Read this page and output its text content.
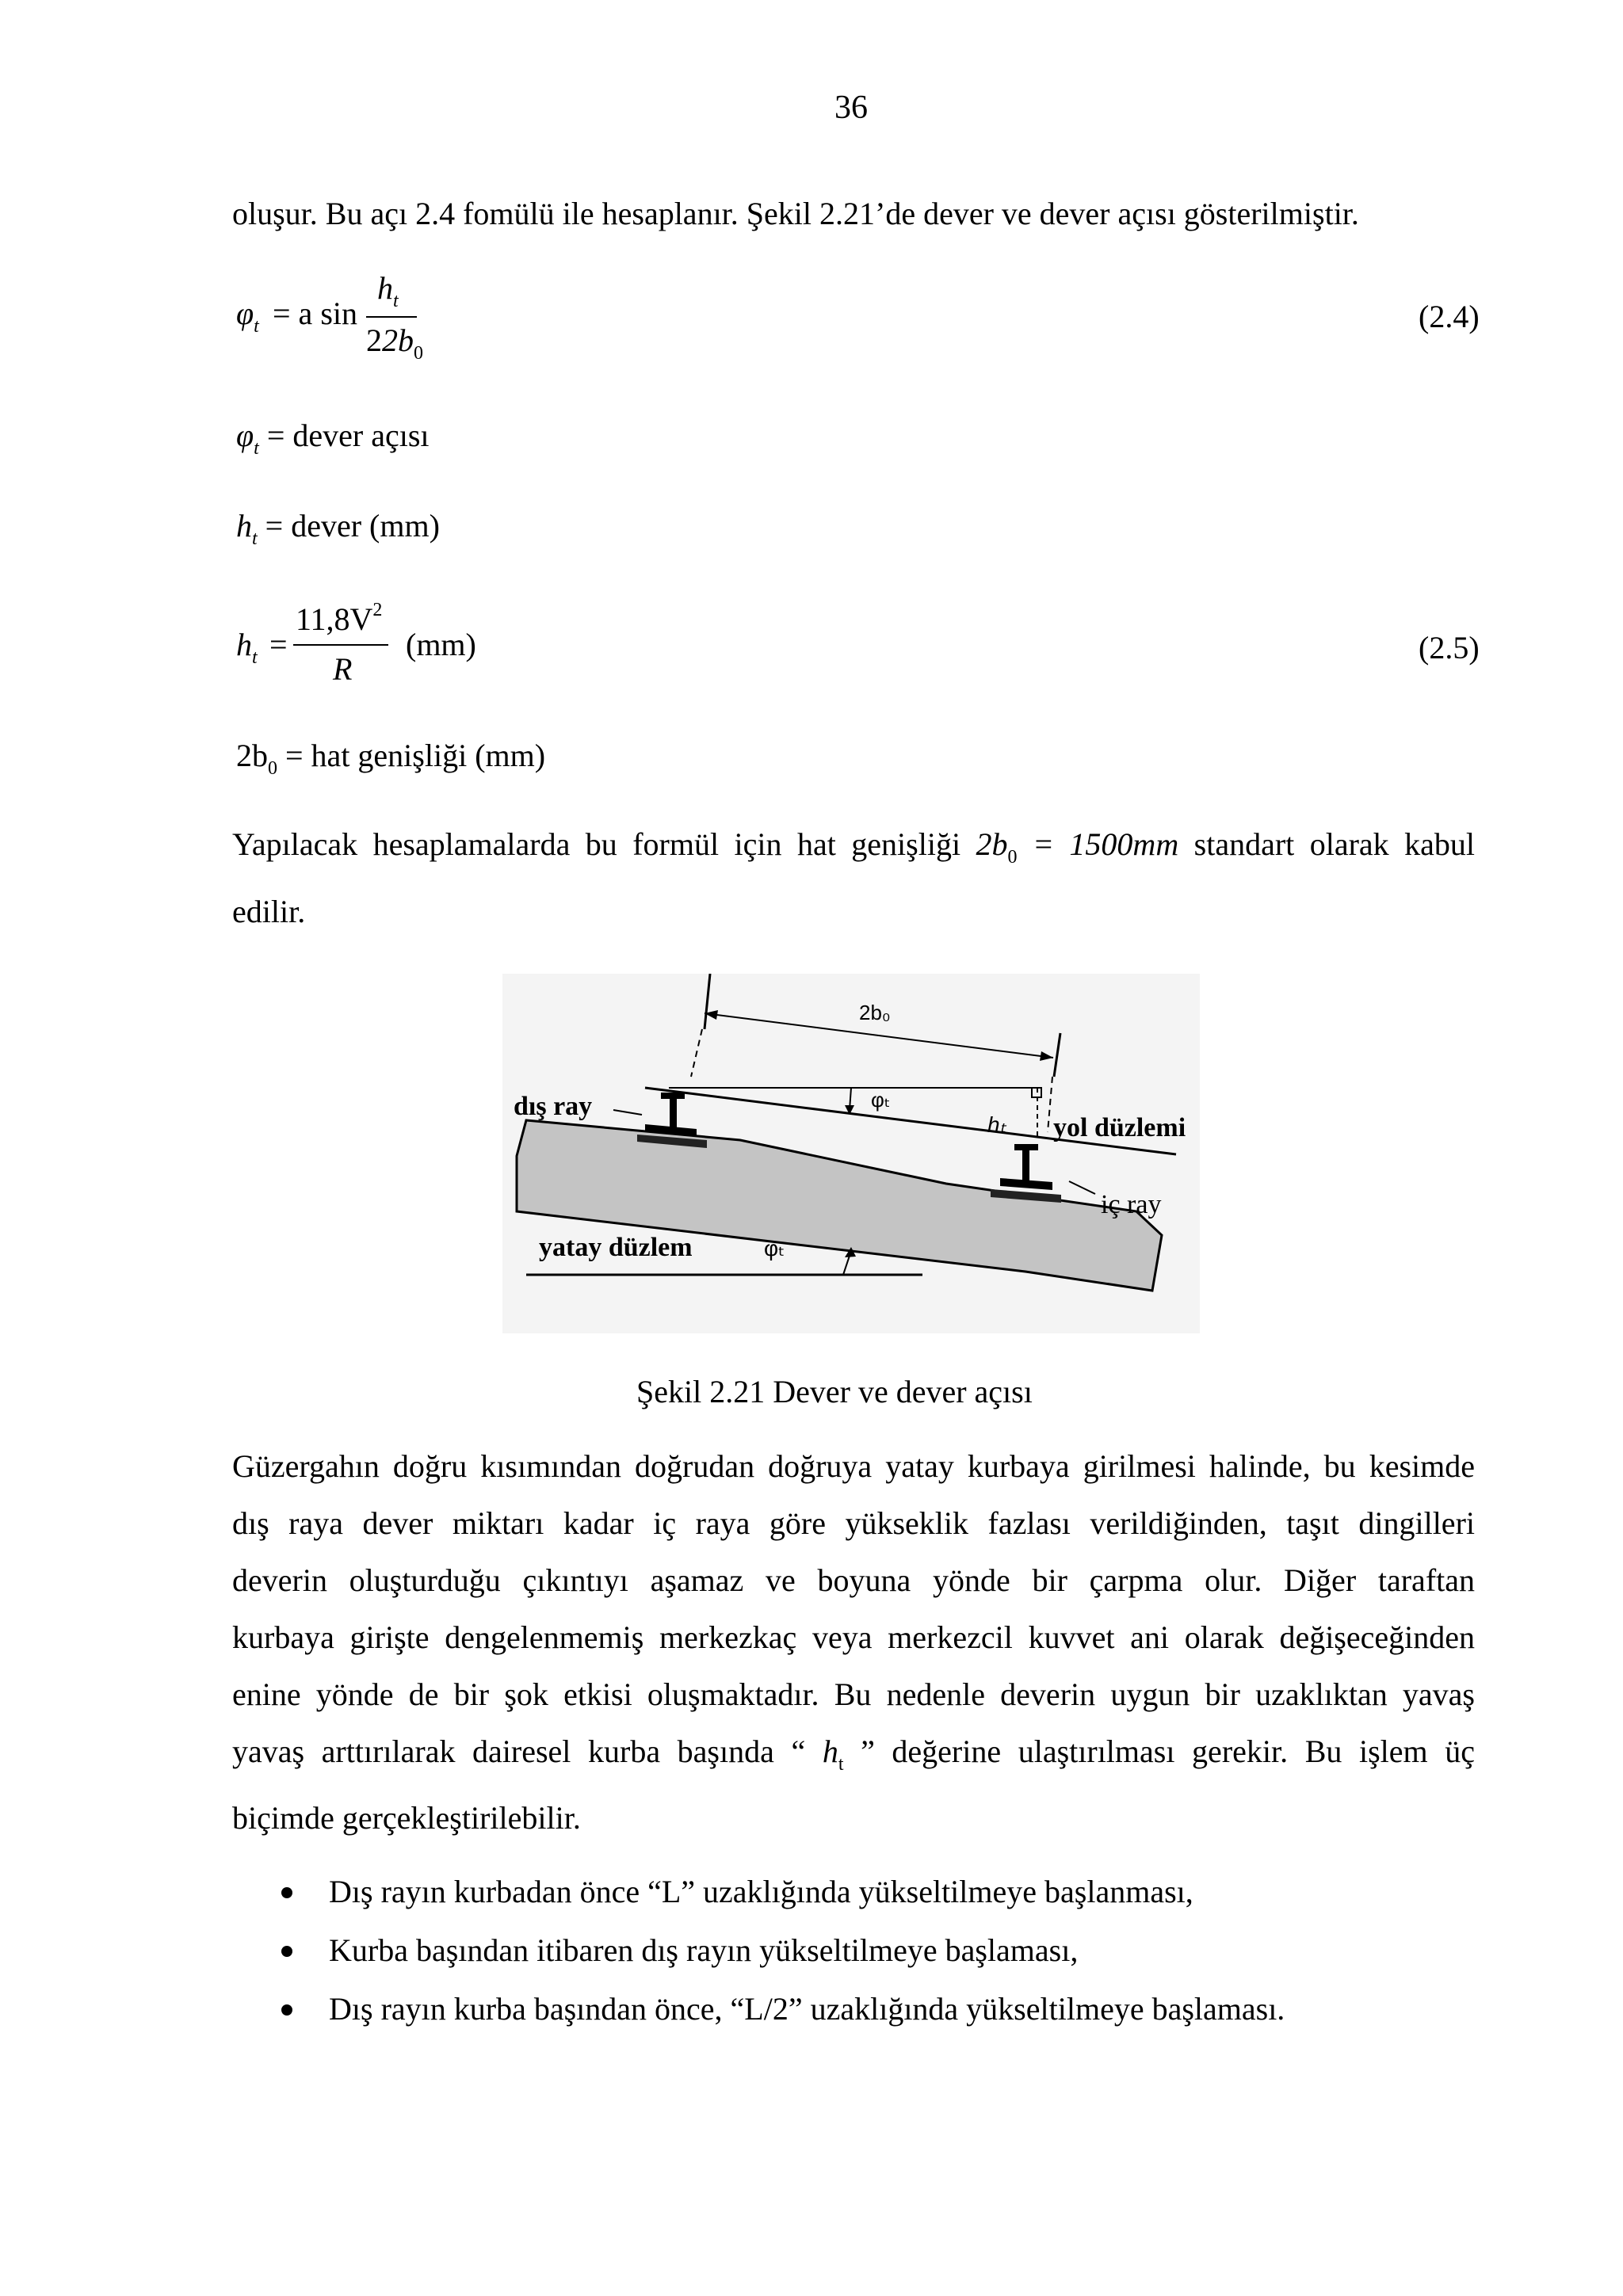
36
oluşur. Bu açı 2.4 fomülü ile hesaplanır. Şekil 2.21’de dever ve dever açısı gösterilmiştir.
$\varphi_t = a$ sin
$h_t$
$22b_0$
(2.4)
$\varphi_t$ = dever açısı
$h_t$ = dever (mm)
$h_t$ =
$11,8V^2$
R
(mm)	(2.5)
$2b_0$ = hat genişliği (mm)
Yapılacak hesaplamalarda bu formül için hat genişliği $2b_0 = 1500mm$ standart olarak kabul
edilir.
2b₀
φₜ
hₜ
dış ray
yol düzlemi
iç ray
yatay düzlem	φₜ
Şekil 2.21 Dever ve dever açısı
Güzergahın doğru kısımından doğrudan doğruya yatay kurbaya girilmesi halinde, bu kesimde
dış raya dever miktarı kadar iç raya göre yükseklik fazlası verildiğinden, taşıt dingilleri
deverin oluşturduğu çıkıntıyı aşamaz ve boyuna yönde bir çarpma olur. Diğer taraftan
kurbaya girişte dengelenmemiş merkezkaç veya merkezcil kuvvet ani olarak değişeceğinden
enine yönde de bir şok etkisi oluşmaktadır. Bu nedenle deverin uygun bir uzaklıktan yavaş
yavaş arttırılarak dairesel kurba başında “ $h_t$ ” değerine ulaştırılması gerekir. Bu işlem üç
biçimde gerçekleştirilebilir.
Dış rayın kurbadan önce “L” uzaklığında yükseltilmeye başlanması,
Kurba başından itibaren dış rayın yükseltilmeye başlaması,
Dış rayın kurba başından önce, “L/2” uzaklığında yükseltilmeye başlaması.
